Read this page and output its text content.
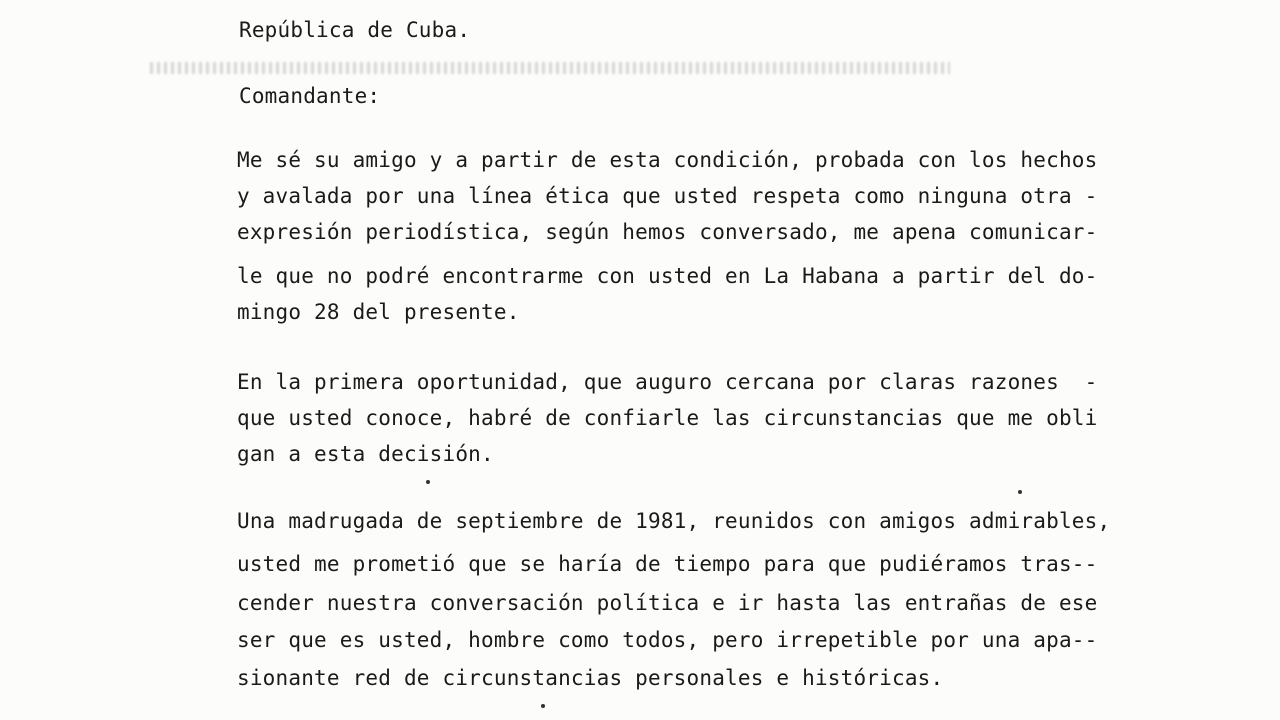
República de Cuba.
Comandante:
Me sé su amigo y a partir de esta condición, probada con los hechos
y avalada por una línea ética que usted respeta como ninguna otra -
expresión periodística, según hemos conversado, me apena comunicar-
le que no podré encontrarme con usted en La Habana a partir del do-
mingo 28 del presente.
En la primera oportunidad, que auguro cercana por claras razones  -
que usted conoce, habré de confiarle las circunstancias que me obli
gan a esta decisión.
Una madrugada de septiembre de 1981, reunidos con amigos admirables,
usted me prometió que se haría de tiempo para que pudiéramos tras--
cender nuestra conversación política e ir hasta las entrañas de ese
ser que es usted, hombre como todos, pero irrepetible por una apa--
sionante red de circunstancias personales e históricas.
